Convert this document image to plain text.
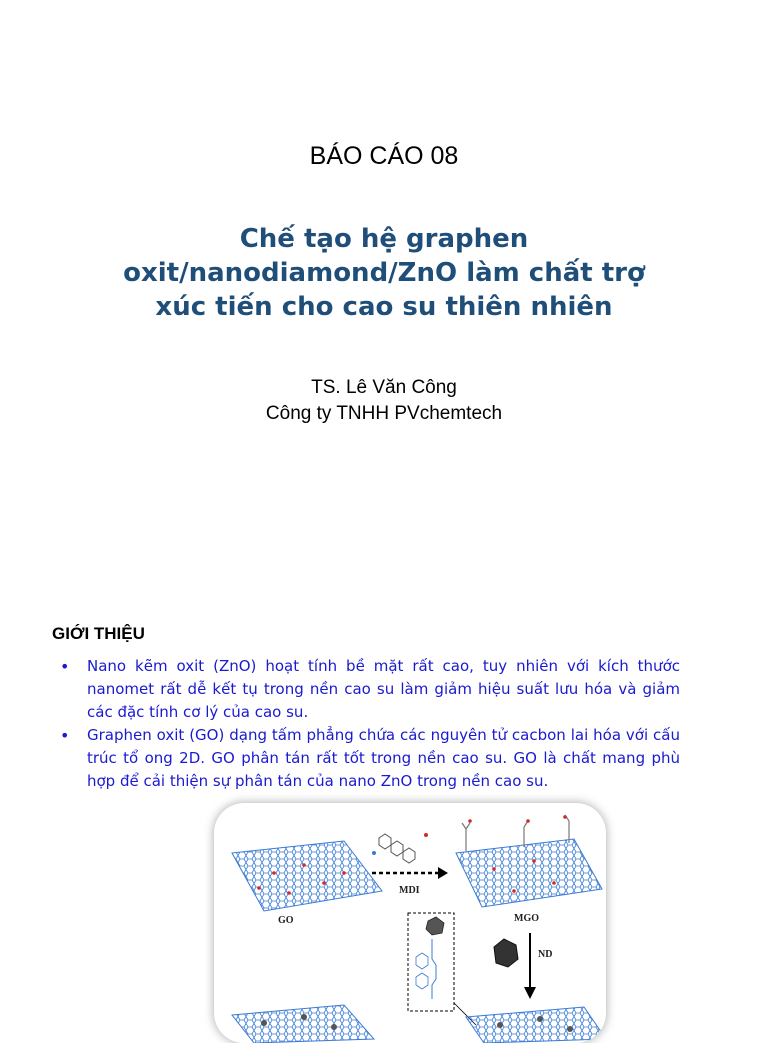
BÁO CÁO 08
Chế tạo hệ graphen
oxit/nanodiamond/ZnO làm chất trợ
xúc tiến cho cao su thiên nhiên
TS. Lê Văn Công
Công ty TNHH PVchemtech
GIỚI THIỆU
• Nano kẽm oxit (ZnO) hoạt tính bề mặt rất cao, tuy nhiên với kích thước nanomet rất dễ kết tụ trong nền cao su làm giảm hiệu suất lưu hóa và giảm các đặc tính cơ lý của cao su.
• Graphen oxit (GO) dạng tấm phẳng chứa các nguyên tử cacbon lai hóa với cấu trúc tổ ong 2D. GO phân tán rất tốt trong nền cao su. GO là chất mang phù hợp để cải thiện sự phân tán của nano ZnO trong nền cao su.
GO
MDI
MGO
ND
